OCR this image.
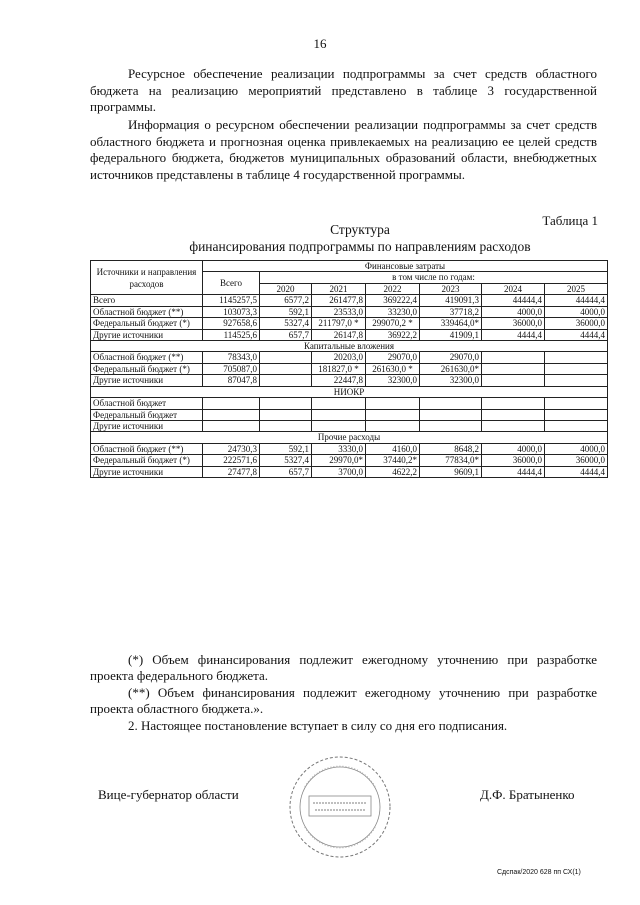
16

Ресурсное обеспечение реализации подпрограммы за счет средств областного бюджета на реализацию мероприятий представлено в таблице 3 государственной программы.

Информация о ресурсном обеспечении реализации подпрограммы за счет средств областного бюджета и прогнозная оценка привлекаемых на реализацию ее целей средств федерального бюджета, бюджетов муниципальных образований области, внебюджетных источников представлены в таблице 4 государственной программы.

Таблица 1

Структура

финансирования подпрограммы по направлениям расходов

Источники и направления расходов	Финансовые затраты						
	Всего	в том числе по годам:					
		2020	2021	2022	2023	2024	2025
Всего	1145257,5	6577,2	261477,8	369222,4	419091,3	44444,4	44444,4
Областной бюджет (**)	103073,3	592,1	23533,0	33230,0	37718,2	4000,0	4000,0
Федеральный бюджет (*)	927658,6	5327,4	211797,0 *	299070,2 *	339464,0*	36000,0	36000,0
Другие источники	114525,6	657,7	26147,8	36922,2	41909,1	4444,4	4444,4
Капитальные вложения							
Областной бюджет (**)	78343,0		20203,0	29070,0	29070,0		
Федеральный бюджет (*)	705087,0		181827,0 *	261630,0 *	261630,0*		
Другие источники	87047,8		22447,8	32300,0	32300,0		
НИОКР							
Областной бюджет							
Федеральный бюджет							
Другие источники							
Прочие расходы							
Областной бюджет (**)	24730,3	592,1	3330,0	4160,0	8648,2	4000,0	4000,0
Федеральный бюджет (*)	222571,6	5327,4	29970,0*	37440,2*	77834,0*	36000,0	36000,0
Другие источники	27477,8	657,7	3700,0	4622,2	9609,1	4444,4	4444,4

(*) Объем финансирования подлежит ежегодному уточнению при разработке проекта федерального бюджета.

(**) Объем финансирования подлежит ежегодному уточнению при разработке проекта областного бюджета.».

2. Настоящее постановление вступает в силу со дня его подписания.

Вице-губернатор области	Д.Ф. Братыненко
Сдспак/2020 628 пп СХ(1)
